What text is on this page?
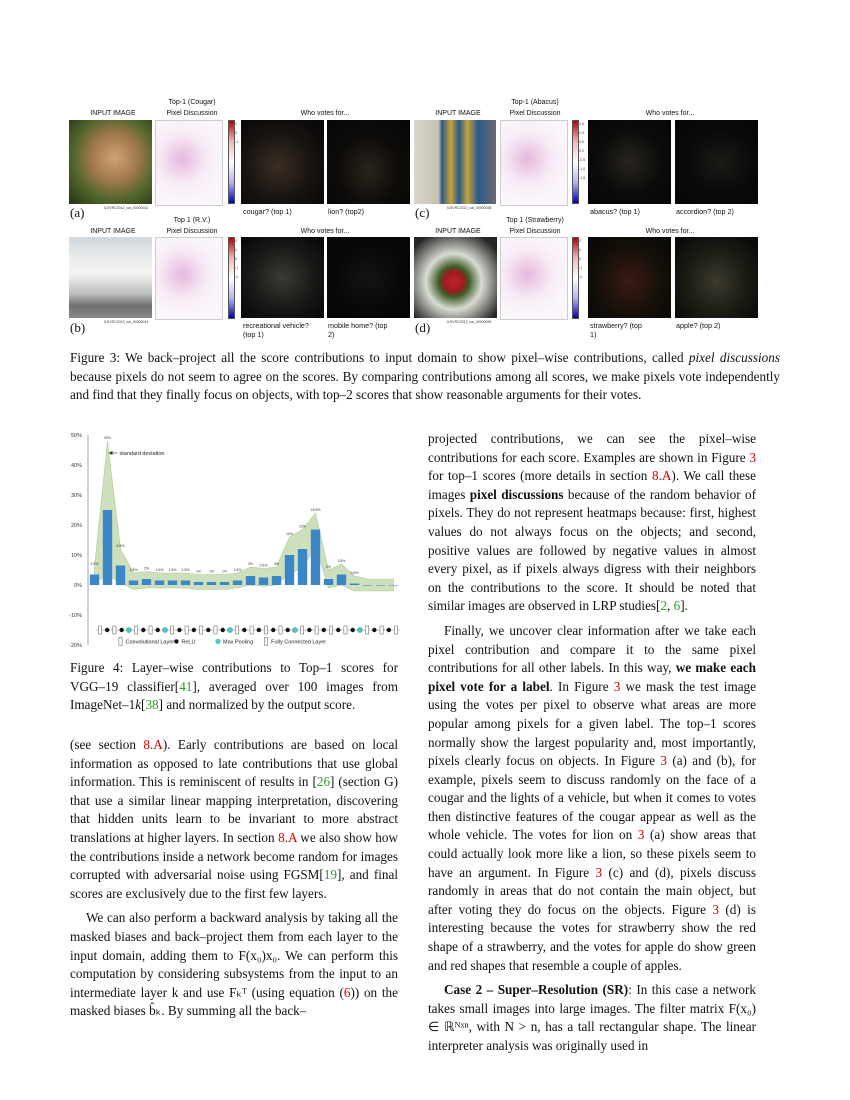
INPUT IMAGE
Top-1 (Cougar)
Pixel Discussion	Who votes for...
1
0
-1
(a)	ILSVRC2012_val_00000012	cougar? (top 1)	lion? (top2)
INPUT IMAGE
Top-1 (Abacus)
Pixel Discussion	Who votes for...
1.5
1.0
0.5
0.0
-0.5
-1.0
-1.5
(c)	ILSVRC2012_val_00000038	abacus? (top 1)	accordion? (top 2)
INPUT IMAGE
Top 1 (R.V.)
Pixel Discussion	Who votes for...
2
1
0
-1
-2
(b)	ILSVRC2012_val_00000014	recreational vehicle? (top 1)
mobile home? (top 2)
INPUT IMAGE
Top 1 (Strawberry)
Pixel Discussion	Who votes for...
2
1
0
-1
-2
(d)	ILSVRC2012_val_00000099	strawberry? (top 1)
apple? (top 2)
Figure 3: We back–project all the score contributions to input domain to show pixel–wise contributions, called pixel discussions because pixels do not seem to agree on the scores. By comparing contributions among all scores, we make pixels vote independently and find that they finally focus on objects, with top–2 scores that show reasonable arguments for their votes.
50%
40%
30%
20%
10%
0%
-10%
-20%
3.5%
25%
6.5%
1.5% 2% 1.5% 1.5% 1.5% 1% 1% 1% 1.5%
3% 2.5% 3%
10%
12%
18.5%
2%
3.5%
0.5%
standard deviation
Convolutional Layer ReLU	Max Pooling	Fully Connected Layer
Figure 4: Layer–wise contributions to Top–1 scores for VGG–19 classifier[41], averaged over 100 images from ImageNet–1k[38] and normalized by the output score.

(see section 8.A). Early contributions are based on local information as opposed to late contributions that use global information. This is reminiscent of results in [26] (section G) that use a similar linear mapping interpretation, discovering that hidden units learn to be invariant to more abstract translations at higher layers. In section 8.A we also show how the contributions inside a network become random for images corrupted with adversarial noise using FGSM[19], and final scores are exclusively due to the first few layers.

We can also perform a backward analysis by taking all the masked biases and back–project them from each layer to the input domain, adding them to F(x₀)x₀. We can perform this computation by considering subsystems from the input to an intermediate layer k and use Fₖᵀ (using equation (6)) on the masked biases b̂ₖ. By summing all the back–

projected contributions, we can see the pixel–wise contributions for each score. Examples are shown in Figure 3 for top–1 scores (more details in section 8.A). We call these images pixel discussions because of the random behavior of pixels. They do not represent heatmaps because: first, highest values do not always focus on the objects; and second, positive values are followed by negative values in almost every pixel, as if pixels always digress with their neighbors on the contributions to the score. It should be noted that similar images are observed in LRP studies[2, 6].

Finally, we uncover clear information after we take each pixel contribution and compare it to the same pixel contributions for all other labels. In this way, we make each pixel vote for a label. In Figure 3 we mask the test image using the votes per pixel to observe what areas are more popular among pixels for a given label. The top–1 scores normally show the largest popularity and, most importantly, pixels clearly focus on objects. In Figure 3 (a) and (b), for example, pixels seem to discuss randomly on the face of a cougar and the lights of a vehicle, but when it comes to votes then distinctive features of the cougar appear as well as the whole vehicle. The votes for lion on 3 (a) show areas that could actually look more like a lion, so these pixels seem to have an argument. In Figure 3 (c) and (d), pixels discuss randomly in areas that do not contain the main object, but after voting they do focus on the objects. Figure 3 (d) is interesting because the votes for strawberry show the red shape of a strawberry, and the votes for apple do show green and red shapes that resemble a couple of apples.

Case 2 – Super–Resolution (SR): In this case a network takes small images into large images. The filter matrix F(x₀) ∈ ℝᴺˣⁿ, with N > n, has a tall rectangular shape. The linear interpreter analysis was originally used in
